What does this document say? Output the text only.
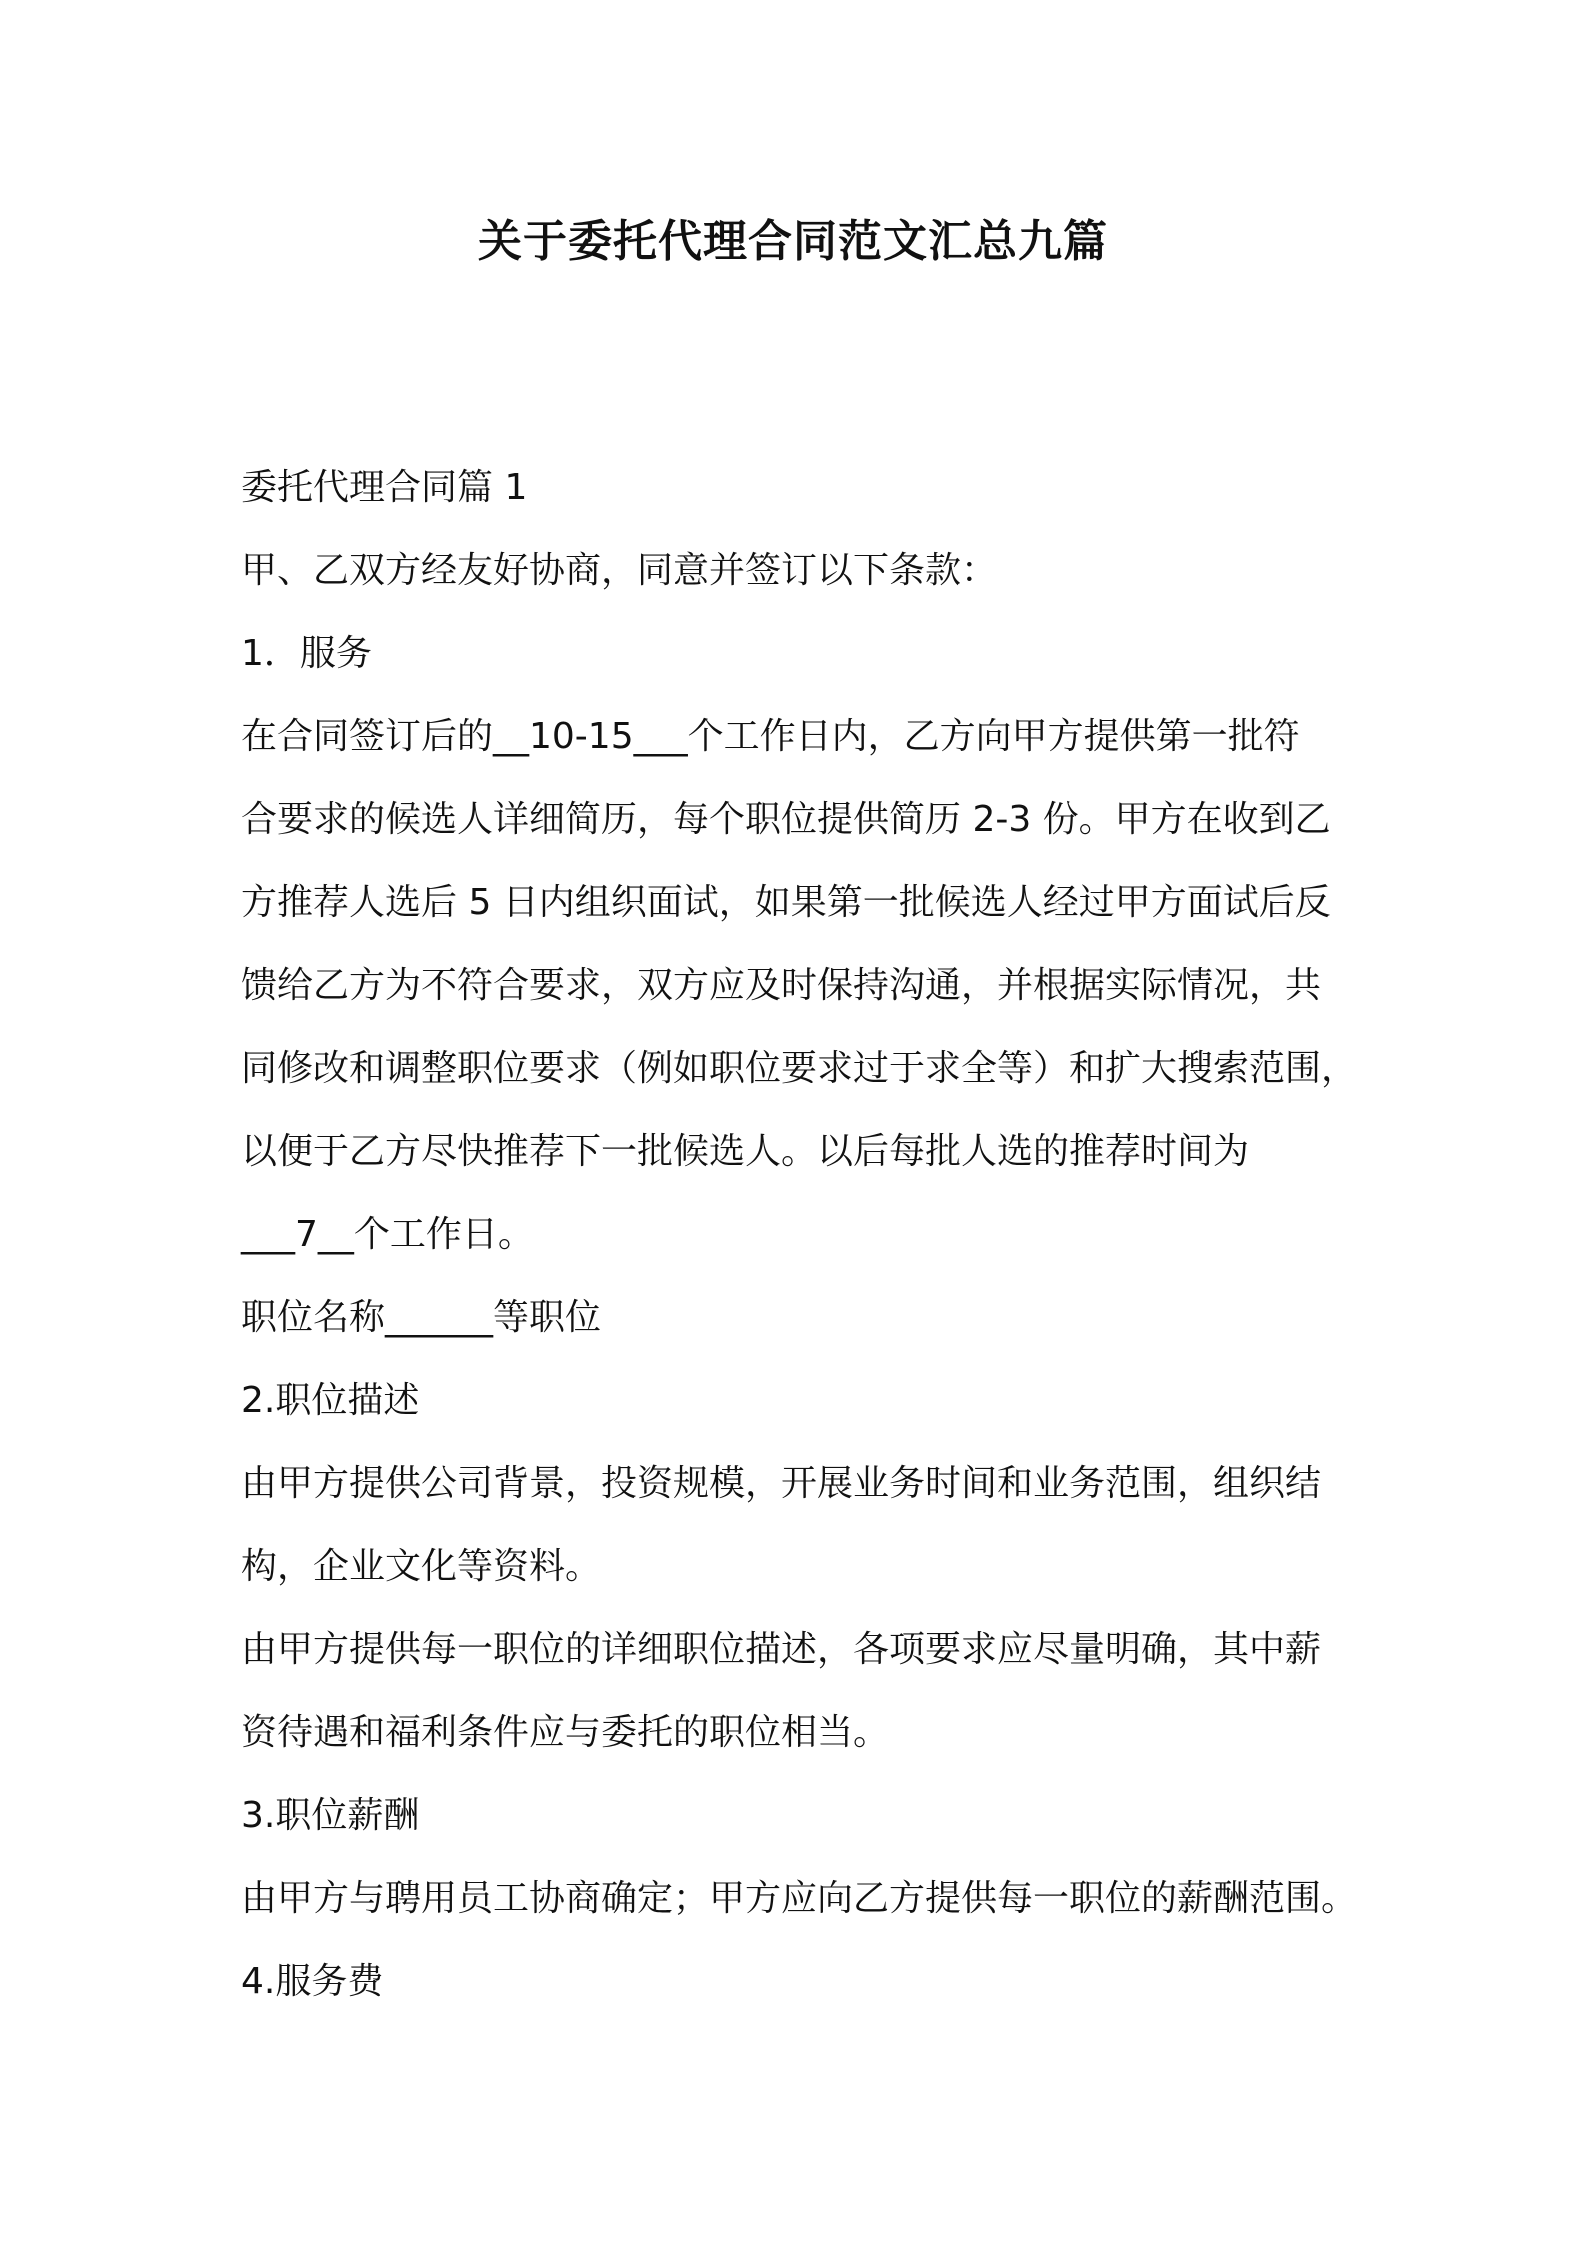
关于委托代理合同范文汇总九篇

委托代理合同篇 1

甲、乙双方经友好协商，同意并签订以下条款：

1．服务

在合同签订后的__10-15___个工作日内，乙方向甲方提供第一批符

合要求的候选人详细简历，每个职位提供简历 2-3 份。甲方在收到乙

方推荐人选后 5 日内组织面试，如果第一批候选人经过甲方面试后反

馈给乙方为不符合要求，双方应及时保持沟通，并根据实际情况，共

同修改和调整职位要求（例如职位要求过于求全等）和扩大搜索范围，

以便于乙方尽快推荐下一批候选人。以后每批人选的推荐时间为

___7__个工作日。

职位名称______等职位

2.职位描述

由甲方提供公司背景，投资规模，开展业务时间和业务范围，组织结

构，企业文化等资料。

由甲方提供每一职位的详细职位描述，各项要求应尽量明确，其中薪

资待遇和福利条件应与委托的职位相当。

3.职位薪酬

由甲方与聘用员工协商确定；甲方应向乙方提供每一职位的薪酬范围。

4.服务费
